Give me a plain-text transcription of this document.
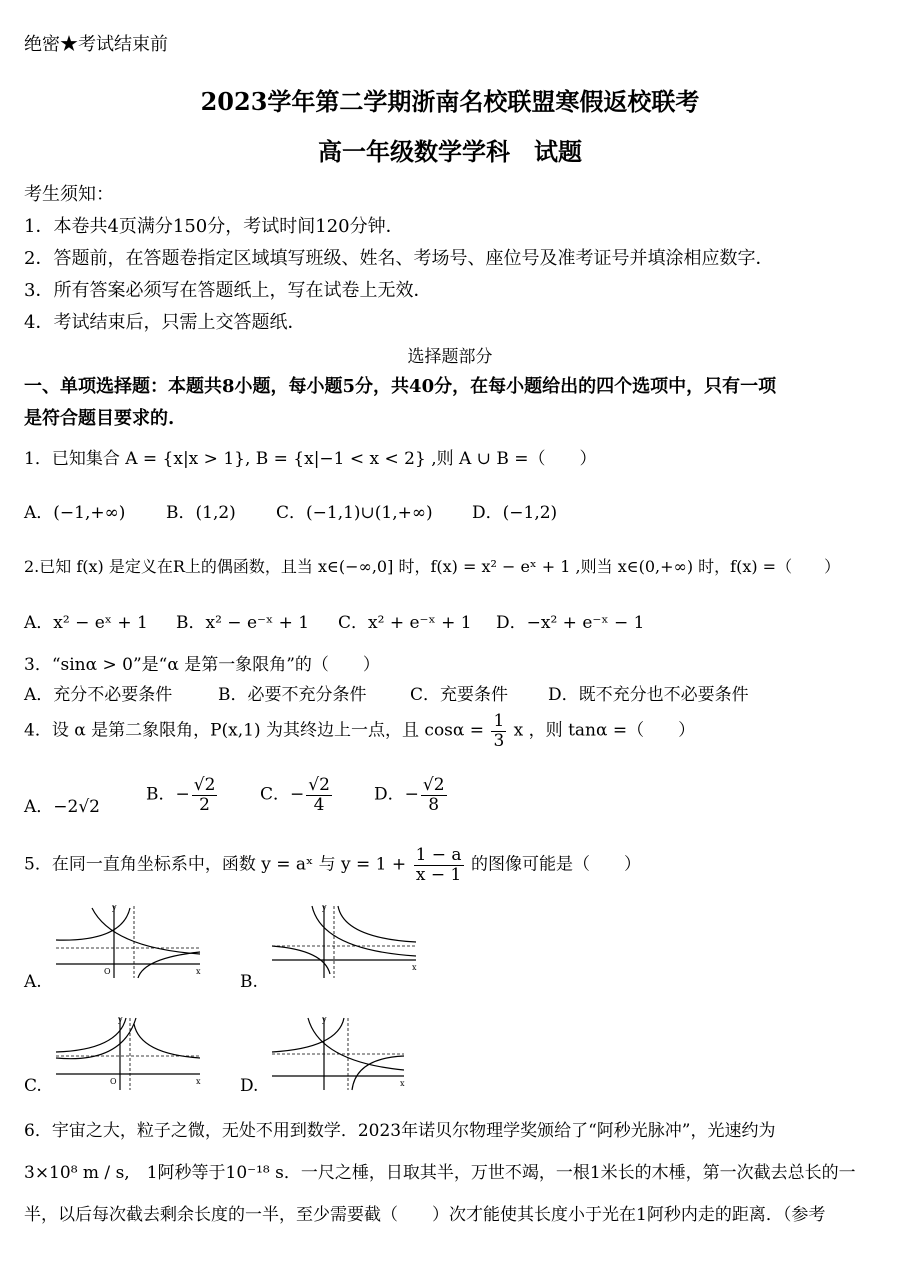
绝密★考试结束前
2023学年第二学期浙南名校联盟寒假返校联考
高一年级数学学科　试题
考生须知：
1．本卷共4页满分150分，考试时间120分钟．
2．答题前，在答题卷指定区域填写班级、姓名、考场号、座位号及准考证号并填涂相应数字．
3．所有答案必须写在答题纸上，写在试卷上无效．
4．考试结束后，只需上交答题纸．
选择题部分
一、单项选择题：本题共8小题，每小题5分，共40分，在每小题给出的四个选项中，只有一项
是符合题目要求的.
1．已知集合 A = {x|x > 1}, B = {x|−1 < x < 2} ,则 A ∪ B =（　　）
A．(−1,+∞) B．(1,2) C．(−1,1)∪(1,+∞) D．(−1,2)
2.已知 f(x) 是定义在R上的偶函数，且当 x∈(−∞,0] 时，f(x) = x² − eˣ + 1 ,则当 x∈(0,+∞) 时，f(x) =（　　）
A．x² − eˣ + 1 B．x² − e⁻ˣ + 1 C．x² + e⁻ˣ + 1 D．−x² + e⁻ˣ − 1
3．“sinα > 0”是“α 是第一象限角”的（　　）
A．充分不必要条件	B．必要不充分条件	C．充要条件 D．既不充分也不必要条件
4．设 α 是第二象限角，P(x,1) 为其终边上一点，且 $\cos\alpha = \frac{1}{3}$ x ，则 tanα =（　　）
A．−2√2
B．− $\frac{√2}{2}$	C．− $\frac{√2}{4}$ D．− $\frac{√2}{8}$
5．在同一直角坐标系中，函数 y = aˣ 与 $y = 1 + \frac{1 - a}{x - 1}$ 的图像可能是（　　）
A.
y
x
O
B.
y
x
C.
y
x
O	D.
y
x
6．宇宙之大，粒子之微，无处不用到数学．2023年诺贝尔物理学奖颁给了“阿秒光脉冲”，光速约为
3×10⁸ m / s,　1阿秒等于10⁻¹⁸ s．一尺之棰，日取其半，万世不竭，一根1米长的木棰，第一次截去总长的一
半，以后每次截去剩余长度的一半，至少需要截（　　）次才能使其长度小于光在1阿秒内走的距离．（参考
